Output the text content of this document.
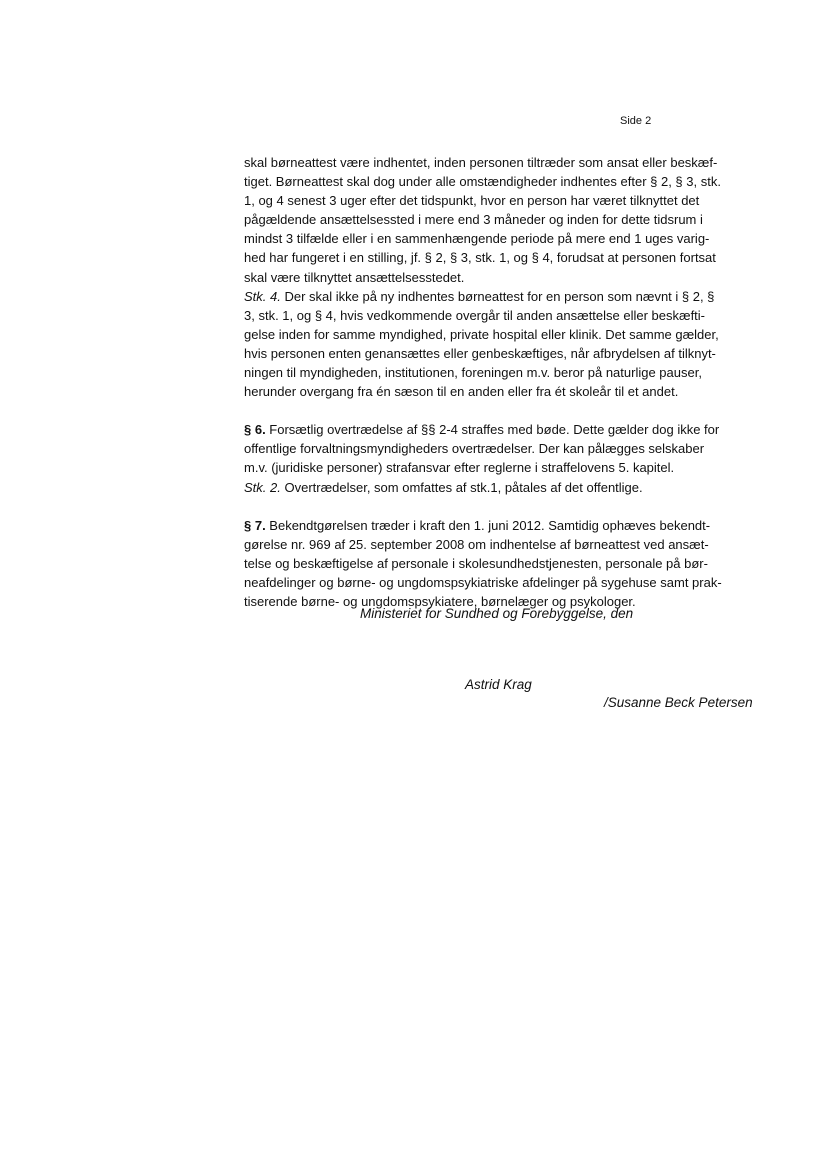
Side 2
skal børneattest være indhentet, inden personen tiltræder som ansat eller beskæf-
tiget. Børneattest skal dog under alle omstændigheder indhentes efter § 2, § 3, stk.
1, og 4 senest 3 uger efter det tidspunkt, hvor en person har været tilknyttet det
pågældende ansættelsessted i mere end 3 måneder og inden for dette tidsrum i
mindst 3 tilfælde eller i en sammenhængende periode på mere end 1 uges varig-
hed har fungeret i en stilling, jf. § 2, § 3, stk. 1, og § 4, forudsat at personen fortsat
skal være tilknyttet ansættelsesstedet.
Stk. 4. Der skal ikke på ny indhentes børneattest for en person som nævnt i § 2, §
3, stk. 1, og § 4, hvis vedkommende overgår til anden ansættelse eller beskæfti-
gelse inden for samme myndighed, private hospital eller klinik. Det samme gælder,
hvis personen enten genansættes eller genbeskæftiges, når afbrydelsen af tilknyt-
ningen til myndigheden, institutionen, foreningen m.v. beror på naturlige pauser,
herunder overgang fra én sæson til en anden eller fra ét skoleår til et andet.
§ 6. Forsætlig overtrædelse af §§ 2-4 straffes med bøde. Dette gælder dog ikke for
offentlige forvaltningsmyndigheders overtrædelser. Der kan pålægges selskaber
m.v. (juridiske personer) strafansvar efter reglerne i straffelovens 5. kapitel.
Stk. 2. Overtrædelser, som omfattes af stk.1, påtales af det offentlige.
§ 7. Bekendtgørelsen træder i kraft den 1. juni 2012. Samtidig ophæves bekendt-
gørelse nr. 969 af 25. september 2008 om indhentelse af børneattest ved ansæt-
telse og beskæftigelse af personale i skolesundhedstjenesten, personale på bør-
neafdelinger og børne- og ungdomspsykiatriske afdelinger på sygehuse samt prak-
tiserende børne- og ungdomspsykiatere, børnelæger og psykologer.
Ministeriet for Sundhed og Forebyggelse, den
Astrid Krag
/Susanne Beck Petersen
